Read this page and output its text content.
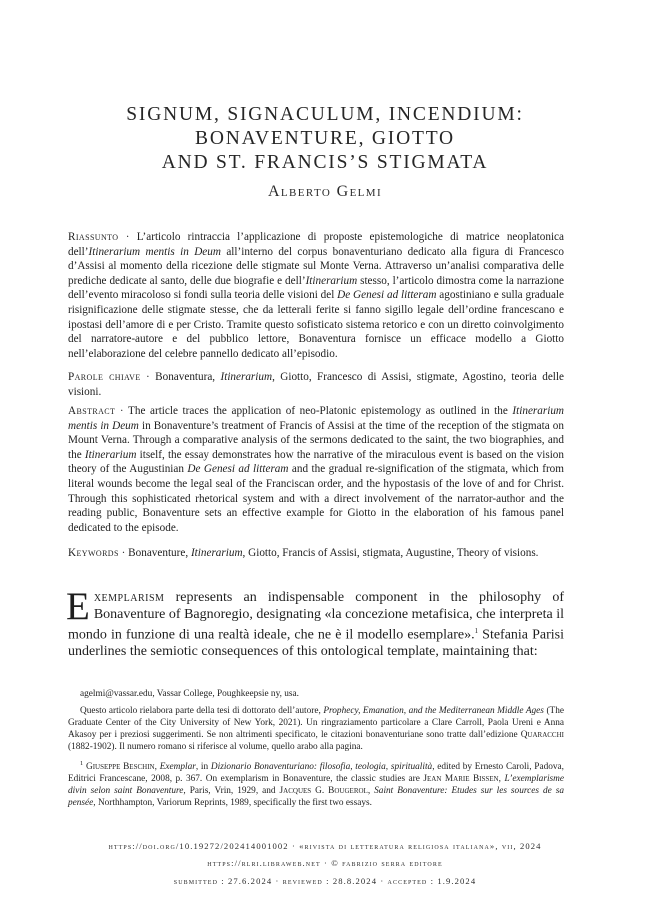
SIGNUM, SIGNACULUM, INCENDIUM:
BONAVENTURE, GIOTTO
AND ST. FRANCIS’S STIGMATA
Alberto Gelmi
Riassunto · L’articolo rintraccia l’applicazione di proposte epistemologiche di matrice neoplatonica dell’Itinerarium mentis in Deum all’interno del corpus bonaventuriano dedicato alla figura di Francesco d’Assisi al momento della ricezione delle stigmate sul Monte Verna. Attraverso un’analisi comparativa delle prediche dedicate al santo, delle due biografie e dell’Itinerarium stesso, l’articolo dimostra come la narrazione dell’evento miracoloso si fondi sulla teoria delle visioni del De Genesi ad litteram agostiniano e sulla graduale risignificazione delle stigmate stesse, che da letterali ferite si fanno sigillo legale dell’ordine francescano e ipostasi dell’amore di e per Cristo. Tramite questo sofisticato sistema retorico e con un diretto coinvolgimento del narratore-autore e del pubblico lettore, Bonaventura fornisce un efficace modello a Giotto nell’elaborazione del celebre pannello dedicato all’episodio.
Parole chiave · Bonaventura, Itinerarium, Giotto, Francesco di Assisi, stigmate, Agostino, teoria delle visioni.
Abstract · The article traces the application of neo-Platonic epistemology as outlined in the Itinerarium mentis in Deum in Bonaventure’s treatment of Francis of Assisi at the time of the reception of the stigmata on Mount Verna. Through a comparative analysis of the sermons dedicated to the saint, the two biographies, and the Itinerarium itself, the essay demonstrates how the narrative of the miraculous event is based on the vision theory of the Augustinian De Genesi ad litteram and the gradual re-signification of the stigmata, which from literal wounds become the legal seal of the Franciscan order, and the hypostasis of the love of and for Christ. Through this sophisticated rhetorical system and with a direct involvement of the narrator-author and the reading public, Bonaventure sets an effective example for Giotto in the elaboration of his famous panel dedicated to the episode.
Keywords · Bonaventure, Itinerarium, Giotto, Francis of Assisi, stigmata, Augustine, Theory of visions.
Exemplarism represents an indispensable component in the philosophy of Bonaventure of Bagnoregio, designating «la concezione metafisica, che interpreta il mondo in funzione di una realtà ideale, che ne è il modello esemplare».$^1$ Stefania Parisi underlines the semiotic consequences of this ontological template, maintaining that:

agelmi@vassar.edu, Vassar College, Poughkeepsie ny, usa.

Questo articolo rielabora parte della tesi di dottorato dell’autore, Prophecy, Emanation, and the Mediterranean Middle Ages (The Graduate Center of the City University of New York, 2021). Un ringraziamento particolare a Clare Carroll, Paola Ureni e Anna Akasoy per i preziosi suggerimenti. Se non altrimenti specificato, le citazioni bonaventuriane sono tratte dall’edizione Quaracchi (1882-1902). Il numero romano si riferisce al volume, quello arabo alla pagina.

$^1$ Giuseppe Beschin, Exemplar, in Dizionario Bonaventuriano: filosofia, teologia, spiritualità, edited by Ernesto Caroli, Padova, Editrici Francescane, 2008, p. 367. On exemplarism in Bonaventure, the classic studies are Jean Marie Bissen, L’exemplarisme divin selon saint Bonaventure, Paris, Vrin, 1929, and Jacques G. Bougerol, Saint Bonaventure: Etudes sur les sources de sa pensée, Northhampton, Variorum Reprints, 1989, specifically the first two essays.

https://doi.org/10.19272/202414001002 · «rivista di letteratura religiosa italiana», vii, 2024
https://rlri.libraweb.net · © fabrizio serra editore
submitted : 27.6.2024 · reviewed : 28.8.2024 · accepted : 1.9.2024
